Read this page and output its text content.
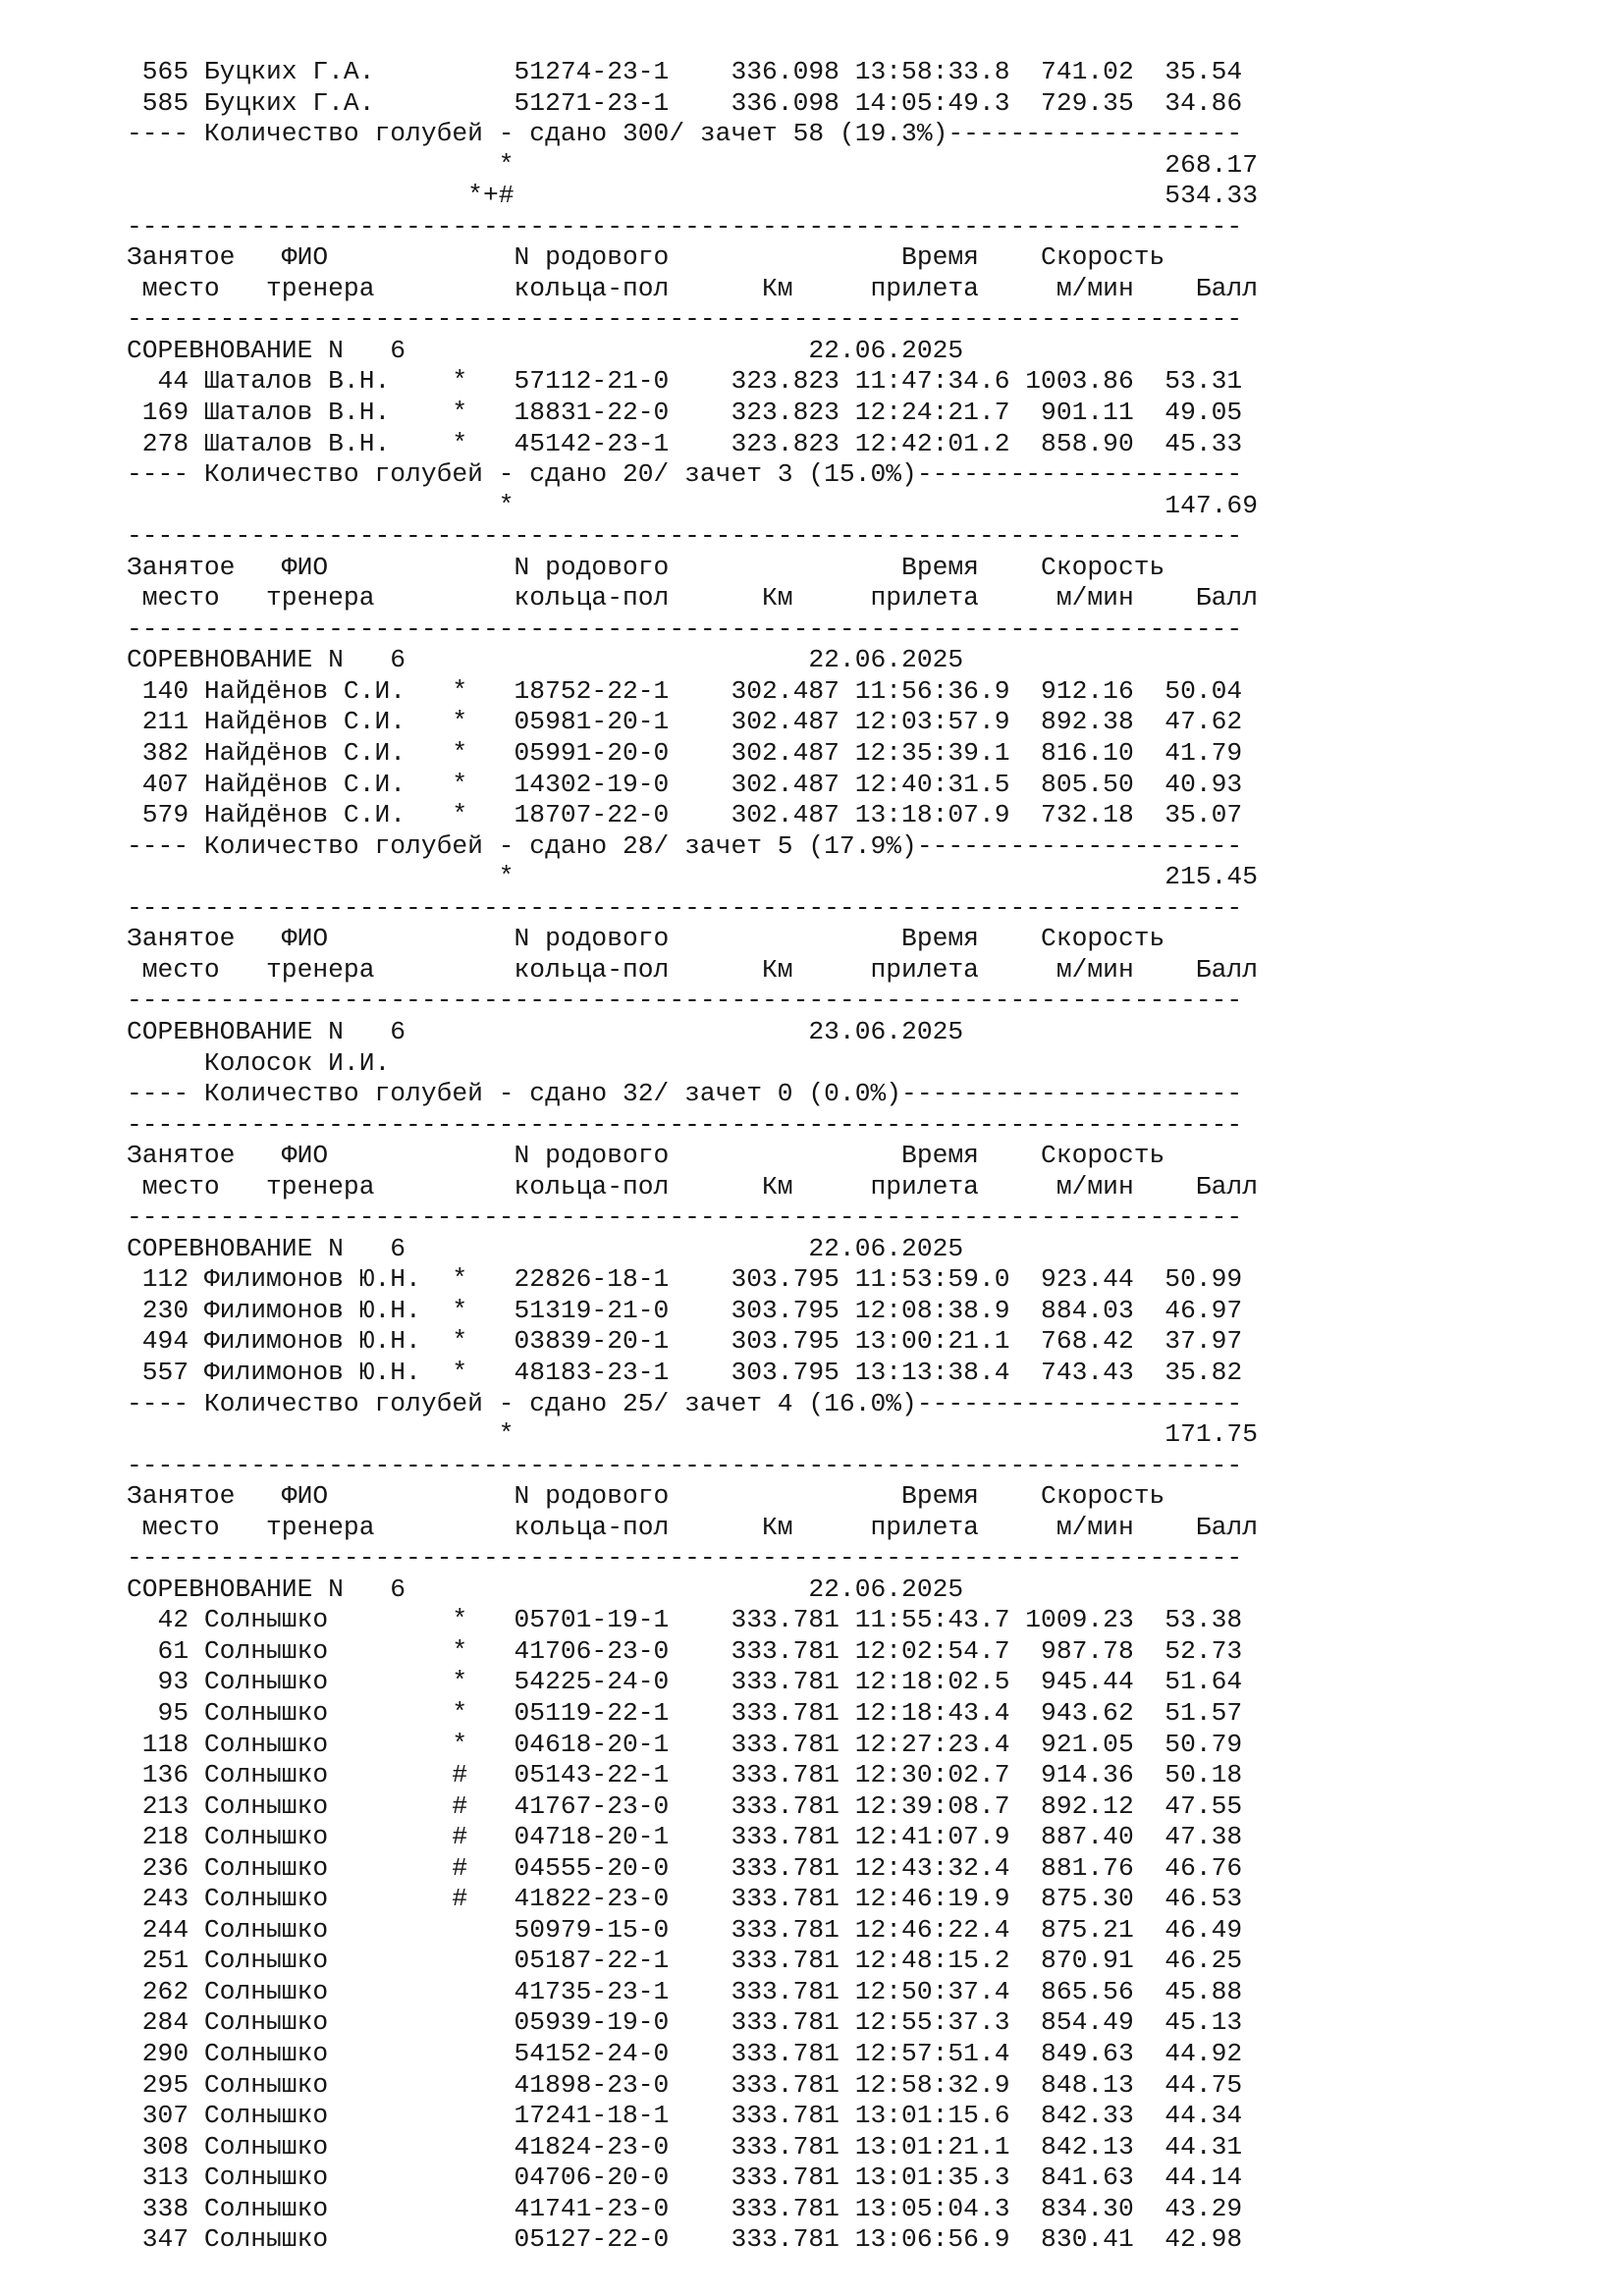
565 Буцких Г.А.         51274-23-1    336.098 13:58:33.8  741.02  35.54
585 Буцких Г.А.         51271-23-1    336.098 14:05:49.3  729.35  34.86
---- Количество голубей - сдано 300/ зачет 58 (19.3%)-------------------
*                                          268.17
*+#                                          534.33
------------------------------------------------------------------------
Занятое   ФИО            N родового               Время    Скорость
место   тренера         кольца-пол      Км     прилета     м/мин    Балл
------------------------------------------------------------------------
СОРЕВНОВАНИЕ N   6                          22.06.2025
44 Шаталов В.Н.    *   57112-21-0    323.823 11:47:34.6 1003.86  53.31
169 Шаталов В.Н.    *   18831-22-0    323.823 12:24:21.7  901.11  49.05
278 Шаталов В.Н.    *   45142-23-1    323.823 12:42:01.2  858.90  45.33
---- Количество голубей - сдано 20/ зачет 3 (15.0%)---------------------
*                                          147.69
------------------------------------------------------------------------
Занятое   ФИО            N родового               Время    Скорость
место   тренера         кольца-пол      Км     прилета     м/мин    Балл
------------------------------------------------------------------------
СОРЕВНОВАНИЕ N   6                          22.06.2025
140 Найдёнов С.И.   *   18752-22-1    302.487 11:56:36.9  912.16  50.04
211 Найдёнов С.И.   *   05981-20-1    302.487 12:03:57.9  892.38  47.62
382 Найдёнов С.И.   *   05991-20-0    302.487 12:35:39.1  816.10  41.79
407 Найдёнов С.И.   *   14302-19-0    302.487 12:40:31.5  805.50  40.93
579 Найдёнов С.И.   *   18707-22-0    302.487 13:18:07.9  732.18  35.07
---- Количество голубей - сдано 28/ зачет 5 (17.9%)---------------------
*                                          215.45
------------------------------------------------------------------------
Занятое   ФИО            N родового               Время    Скорость
место   тренера         кольца-пол      Км     прилета     м/мин    Балл
------------------------------------------------------------------------
СОРЕВНОВАНИЕ N   6                          23.06.2025
Колосок И.И.
---- Количество голубей - сдано 32/ зачет 0 (0.0%)----------------------
------------------------------------------------------------------------
Занятое   ФИО            N родового               Время    Скорость
место   тренера         кольца-пол      Км     прилета     м/мин    Балл
------------------------------------------------------------------------
СОРЕВНОВАНИЕ N   6                          22.06.2025
112 Филимонов Ю.Н.  *   22826-18-1    303.795 11:53:59.0  923.44  50.99
230 Филимонов Ю.Н.  *   51319-21-0    303.795 12:08:38.9  884.03  46.97
494 Филимонов Ю.Н.  *   03839-20-1    303.795 13:00:21.1  768.42  37.97
557 Филимонов Ю.Н.  *   48183-23-1    303.795 13:13:38.4  743.43  35.82
---- Количество голубей - сдано 25/ зачет 4 (16.0%)---------------------
*                                          171.75
------------------------------------------------------------------------
Занятое   ФИО            N родового               Время    Скорость
место   тренера         кольца-пол      Км     прилета     м/мин    Балл
------------------------------------------------------------------------
СОРЕВНОВАНИЕ N   6                          22.06.2025
42 Солнышко        *   05701-19-1    333.781 11:55:43.7 1009.23  53.38
61 Солнышко        *   41706-23-0    333.781 12:02:54.7  987.78  52.73
93 Солнышко        *   54225-24-0    333.781 12:18:02.5  945.44  51.64
95 Солнышко        *   05119-22-1    333.781 12:18:43.4  943.62  51.57
118 Солнышко        *   04618-20-1    333.781 12:27:23.4  921.05  50.79
136 Солнышко        #   05143-22-1    333.781 12:30:02.7  914.36  50.18
213 Солнышко        #   41767-23-0    333.781 12:39:08.7  892.12  47.55
218 Солнышко        #   04718-20-1    333.781 12:41:07.9  887.40  47.38
236 Солнышко        #   04555-20-0    333.781 12:43:32.4  881.76  46.76
243 Солнышко        #   41822-23-0    333.781 12:46:19.9  875.30  46.53
244 Солнышко            50979-15-0    333.781 12:46:22.4  875.21  46.49
251 Солнышко            05187-22-1    333.781 12:48:15.2  870.91  46.25
262 Солнышко            41735-23-1    333.781 12:50:37.4  865.56  45.88
284 Солнышко            05939-19-0    333.781 12:55:37.3  854.49  45.13
290 Солнышко            54152-24-0    333.781 12:57:51.4  849.63  44.92
295 Солнышко            41898-23-0    333.781 12:58:32.9  848.13  44.75
307 Солнышко            17241-18-1    333.781 13:01:15.6  842.33  44.34
308 Солнышко            41824-23-0    333.781 13:01:21.1  842.13  44.31
313 Солнышко            04706-20-0    333.781 13:01:35.3  841.63  44.14
338 Солнышко            41741-23-0    333.781 13:05:04.3  834.30  43.29
347 Солнышко            05127-22-0    333.781 13:06:56.9  830.41  42.98
